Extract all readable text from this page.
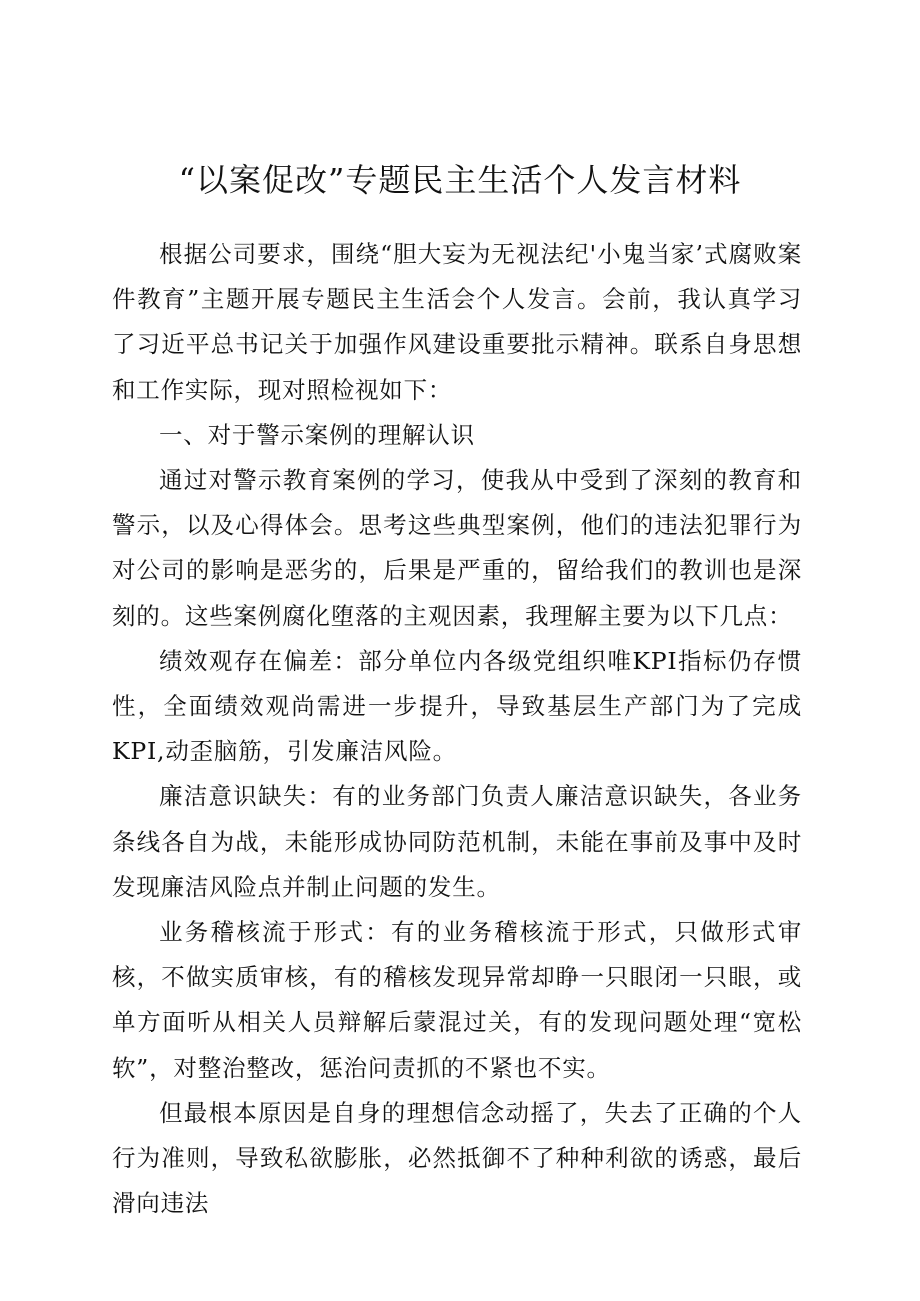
“以案促改”专题民主生活个人发言材料

根据公司要求，围绕“胆大妄为无视法纪'小鬼当家’式腐败案件教育”主题开展专题民主生活会个人发言。会前，我认真学习了习近平总书记关于加强作风建设重要批示精神。联系自身思想和工作实际，现对照检视如下：

一、对于警示案例的理解认识

通过对警示教育案例的学习，使我从中受到了深刻的教育和警示，以及心得体会。思考这些典型案例，他们的违法犯罪行为对公司的影响是恶劣的，后果是严重的，留给我们的教训也是深刻的。这些案例腐化堕落的主观因素，我理解主要为以下几点：

绩效观存在偏差：部分单位内各级党组织唯KPI指标仍存惯性，全面绩效观尚需进一步提升，导致基层生产部门为了完成KPI,动歪脑筋，引发廉洁风险。

廉洁意识缺失：有的业务部门负责人廉洁意识缺失，各业务条线各自为战，未能形成协同防范机制，未能在事前及事中及时发现廉洁风险点并制止问题的发生。

业务稽核流于形式：有的业务稽核流于形式，只做形式审核，不做实质审核，有的稽核发现异常却睁一只眼闭一只眼，或单方面听从相关人员辩解后蒙混过关，有的发现问题处理“宽松软”，对整治整改，惩治问责抓的不紧也不实。

但最根本原因是自身的理想信念动摇了，失去了正确的个人行为准则，导致私欲膨胀，必然抵御不了种种利欲的诱惑，最后滑向违法
